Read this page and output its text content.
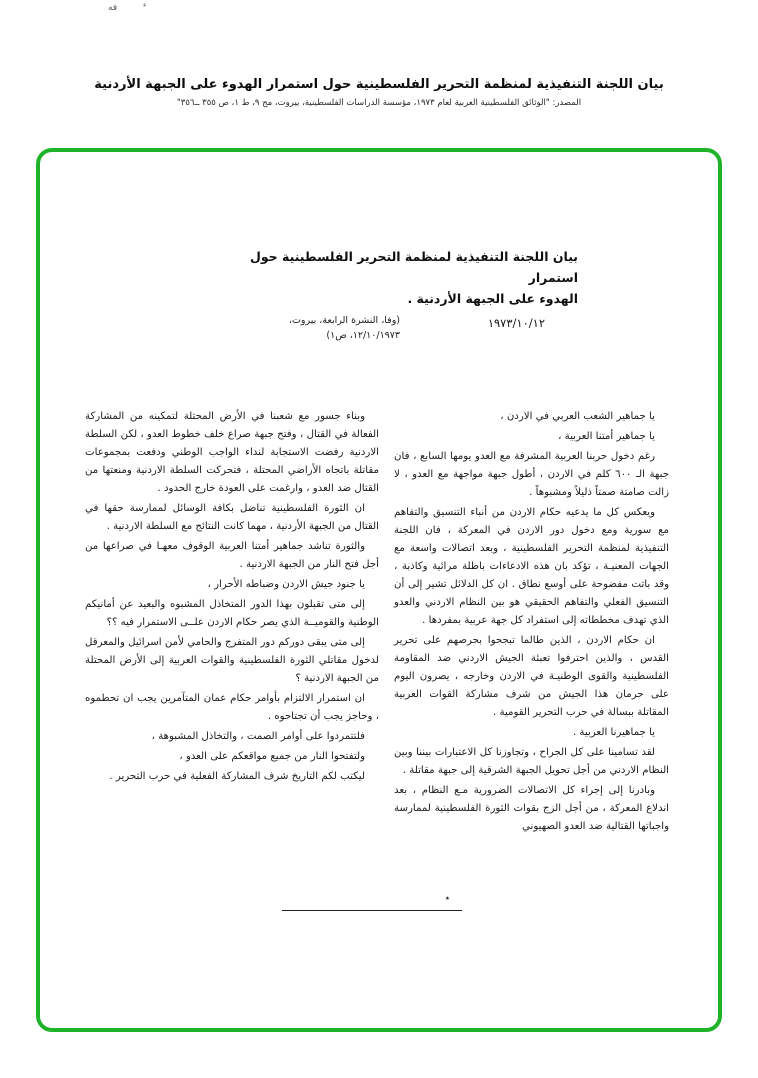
فه	ء
بيان اللجنة التنفيذية لمنظمة التحرير الفلسطينية حول استمرار الهدوء على الجبهة الأردنية
المصدر: "الوثائق الفلسطينية العربية لعام ١٩٧٣، مؤسسة الدراسات الفلسطينية، بيروت، مج ٩، ط ١، ص ٣٥٥ ــ٣٥٦"
بيان اللجنة التنفيذية لمنظمة التحرير الفلسطينية حول استمرار
الهدوء على الجبهة الأردنية .
١٩٧٣/١٠/١٢
(وفا، النشرة الرابعة، بيروت،
١٢/١٠/١٩٧٣، ص١)

يا جماهير الشعب العربي في الاردن ،

يا جماهير أمتنا العربية ،

رغم دخول حربنا العربية المشرفة مع العدو يومها السابع ، فان جبهة الـ ٦٠٠ كلم في الاردن ، أطول جبهة مواجهة مع العدو ، لا زالت صامتة صمتاً ذليلاً ومشبوهاً .

ويعكس كل ما يدعيه حكام الاردن من أنباء التنسيق والتفاهم مع سورية ومع دخول دور الاردن في المعركة ، فان اللجنة التنفيذية لمنظمة التحرير الفلسطينية ، وبعد اتصالات واسعة مع الجهات المعنيـة ، تؤكد بان هذه الادعاءات باطلة مرائية وكاذبة ، وقد باتت مفضوحة على أوسع نطاق . ان كل الدلائل تشير إلى أن التنسيق الفعلي والتفاهم الحقيقي هو بين النظام الاردني والعدو الذي تهدف مخططاته إلى استفراد كل جهة عربية بمفردها .

ان حكام الاردن ، الذين طالما تبجحوا بحرصهم على تحرير القدس ، والذين احترفوا تعبئة الجيش الاردني ضد المقاومة الفلسطينية والقوى الوطنيـة في الاردن وخارجه ، يصرون اليوم على حرمان هذا الجيش من شرف مشاركة القوات العربية المقاتلة ببسالة في حرب التحرير القومية .

يا جماهيرنا العربية .

لقد تسامينا على كل الجراح ، وتجاوزنا كل الاعتبارات بيننا وبين النظام الاردني من أجل تحويل الجبهة الشرقية إلى جبهة مقاتلة .

وبادرنا إلى إجراء كل الاتصالات الضرورية مـع النظام ، بعد اندلاع المعركة ، من أجل الزج بقوات الثورة الفلسطينية لممارسة واجباتها القتالية ضد العدو الصهيوني

وبناء جسور مع شعبنا في الأرض المحتلة لتمكينه من المشاركة الفعالة في القتال ، وفتح جبهة صراع خلف خطوط العدو ، لكن السلطة الاردنية رفضت الاستجابة لنداء الواجب الوطني ودفعت بمجموعات مقاتلة باتجاه الأراضي المحتلة ، فتحركت السلطة الاردنية ومنعتها من القتال ضد العدو ، وارغمت على العودة خارج الحدود .

ان الثورة الفلسطينية تناضل بكافة الوسائل لممارسة حقها في القتال من الجبهة الأردنية ، مهما كانت النتائج مع السلطة الاردنية .

والثورة تناشد جماهير أمتنا العربية الوقوف معهـا في صراعها من أجل فتح النار من الجبهة الاردنية .

يا جنود جيش الاردن وضباطه الأحرار ،

إلى متى تقبلون بهذا الدور المتخاذل المشبوه والبعيد عن أمانيكم الوطنية والقوميــة الذي يصر حكام الاردن علــى الاستمرار فيه ؟؟

إلى متى يبقى دوركم دور المتفرج والحامي لأمن اسرائيل والمعرقل لدخول مقاتلي الثورة الفلسطينية والقوات العربية إلى الأرض المحتلة من الجبهة الاردنية ؟

ان استمرار الالتزام بأوامر حكام عمان المتآمرين يجب ان تحطموه ، وحاجز يجب أن تجتاحوه .

فلتتمردوا على أوامر الصمت ، والتخاذل المشبوهة ،

ولتفتحوا النار من جميع مواقعكم على العدو ،

ليكتب لكم التاريخ شرف المشاركة الفعلية في حرب التحرير .

٭
